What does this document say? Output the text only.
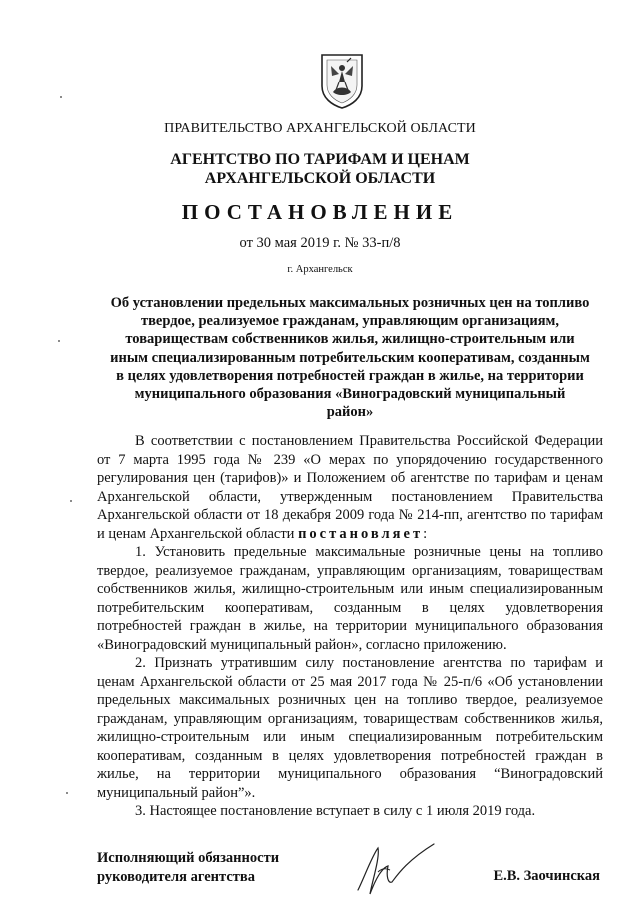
ПРАВИТЕЛЬСТВО АРХАНГЕЛЬСКОЙ ОБЛАСТИ
АГЕНТСТВО ПО ТАРИФАМ И ЦЕНАМ
АРХАНГЕЛЬСКОЙ ОБЛАСТИ
ПОСТАНОВЛЕНИЕ
от 30 мая 2019 г. № 33-п/8
г. Архангельск
Об установлении предельных максимальных розничных цен на топливо твердое, реализуемое гражданам, управляющим организациям, товариществам собственников жилья, жилищно-строительным или иным специализированным потребительским кооперативам, созданным в целях удовлетворения потребностей граждан в жилье, на территории муниципального образования «Виноградовский муниципальный район»

В соответствии с постановлением Правительства Российской Федерации от 7 марта 1995 года № 239 «О мерах по упорядочению государственного регулирования цен (тарифов)» и Положением об агентстве по тарифам и ценам Архангельской области, утвержденным постановлением Правительства Архангельской области от 18 декабря 2009 года № 214-пп, агентство по тарифам и ценам Архангельской области постановляет:

1. Установить предельные максимальные розничные цены на топливо твердое, реализуемое гражданам, управляющим организациям, товариществам собственников жилья, жилищно-строительным или иным специализированным потребительским кооперативам, созданным в целях удовлетворения потребностей граждан в жилье, на территории муниципального образования «Виноградовский муниципальный район», согласно приложению.

2. Признать утратившим силу постановление агентства по тарифам и ценам Архангельской области от 25 мая 2017 года № 25-п/6 «Об установлении предельных максимальных розничных цен на топливо твердое, реализуемое гражданам, управляющим организациям, товариществам собственников жилья, жилищно-строительным или иным специализированным потребительским кооперативам, созданным в целях удовлетворения потребностей граждан в жилье, на территории муниципального образования “Виноградовский муниципальный район”».

3. Настоящее постановление вступает в силу с 1 июля 2019 года.

Исполняющий обязанности
руководителя агентства	Е.В. Заочинская
